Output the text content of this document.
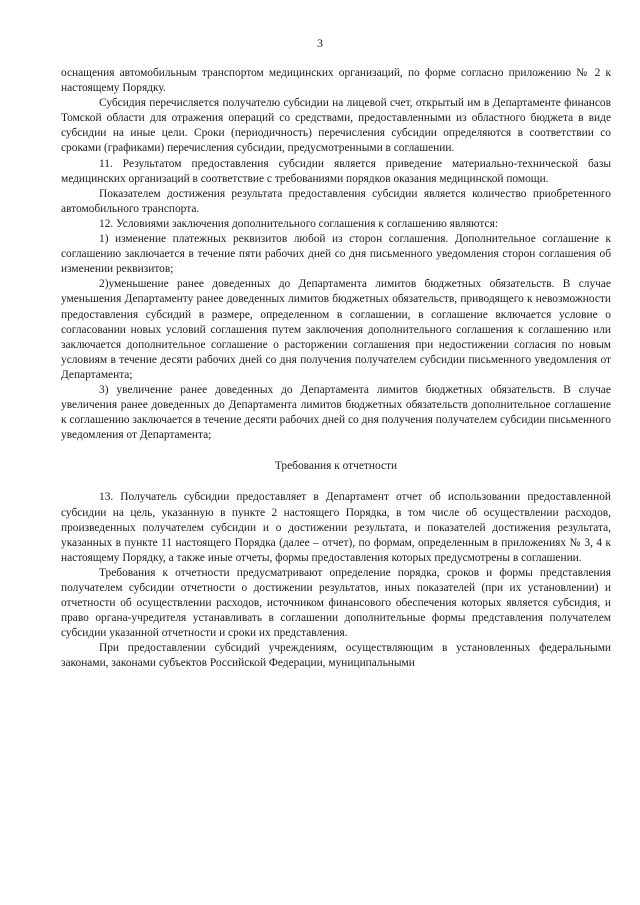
3

оснащения автомобильным транспортом медицинских организаций, по форме согласно приложению № 2 к настоящему Порядку.

Субсидия перечисляется получателю субсидии на лицевой счет, открытый им в Департаменте финансов Томской области для отражения операций со средствами, предоставленными из областного бюджета в виде субсидии на иные цели. Сроки (периодичность) перечисления субсидии определяются в соответствии со сроками (графиками) перечисления субсидии, предусмотренными в соглашении.

11. Результатом предоставления субсидии является приведение материально-технической базы медицинских организаций в соответствие с требованиями порядков оказания медицинской помощи.

Показателем достижения результата предоставления субсидии является количество приобретенного автомобильного транспорта.

12. Условиями заключения дополнительного соглашения к соглашению являются:

1) изменение платежных реквизитов любой из сторон соглашения. Дополнительное соглашение к соглашению заключается в течение пяти рабочих дней со дня письменного уведомления сторон соглашения об изменении реквизитов;

2)уменьшение ранее доведенных до Департамента лимитов бюджетных обязательств. В случае уменьшения Департаменту ранее доведенных лимитов бюджетных обязательств, приводящего к невозможности предоставления субсидий в размере, определенном в соглашении, в соглашение включается условие о согласовании новых условий соглашения путем заключения дополнительного соглашения к соглашению или заключается дополнительное соглашение о расторжении соглашения при недостижении согласия по новым условиям в течение десяти рабочих дней со дня получения получателем субсидии письменного уведомления от Департамента;

3) увеличение ранее доведенных до Департамента лимитов бюджетных обязательств. В случае увеличения ранее доведенных до Департамента лимитов бюджетных обязательств дополнительное соглашение к соглашению заключается в течение десяти рабочих дней со дня получения получателем субсидии письменного уведомления от Департамента;

Требования к отчетности

13. Получатель субсидии предоставляет в Департамент отчет об использовании предоставленной субсидии на цель, указанную в пункте 2 настоящего Порядка, в том числе об осуществлении расходов, произведенных получателем субсидии и о достижении результата, и показателей достижения результата, указанных в пункте 11 настоящего Порядка (далее – отчет), по формам, определенным в приложениях № 3, 4 к настоящему Порядку, а также иные отчеты, формы предоставления которых предусмотрены в соглашении.

Требования к отчетности предусматривают определение порядка, сроков и формы представления получателем субсидии отчетности о достижении результатов, иных показателей (при их установлении) и отчетности об осуществлении расходов, источником финансового обеспечения которых является субсидия, и право органа-учредителя устанавливать в соглашении дополнительные формы представления получателем субсидии указанной отчетности и сроки их представления.

При предоставлении субсидий учреждениям, осуществляющим в установленных федеральными законами, законами субъектов Российской Федерации, муниципальными
